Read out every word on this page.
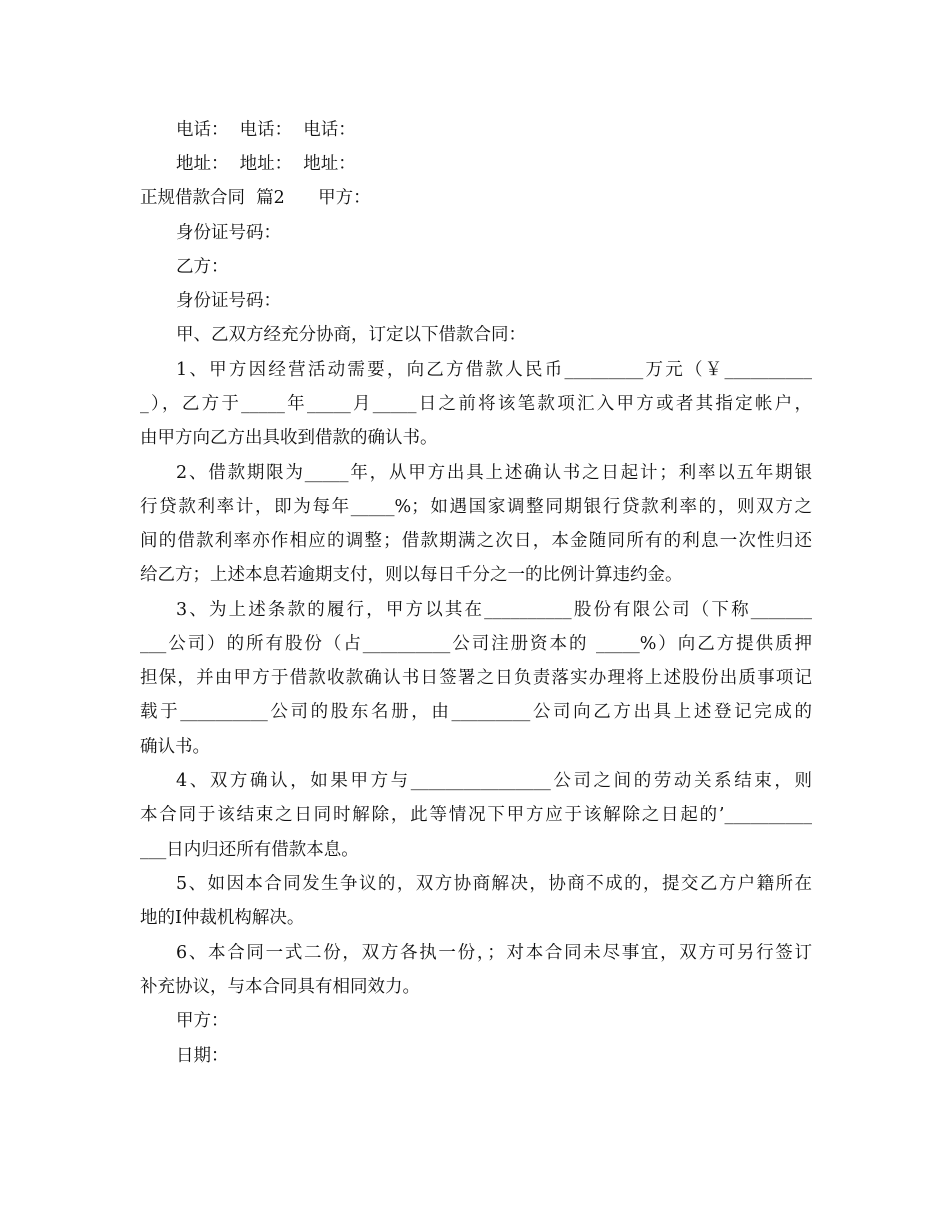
电话：  电话：  电话：

地址：  地址：  地址：

正规借款合同  篇2      甲方：

身份证号码：

乙方：

身份证号码：

甲、乙双方经充分协商，订定以下借款合同：

1、甲方因经营活动需要，向乙方借款人民币_________万元（￥__________

_），乙方于_____年_____月_____日之前将该笔款项汇入甲方或者其指定帐户，

由甲方向乙方出具收到借款的确认书。

2、借款期限为_____年，从甲方出具上述确认书之日起计；利率以五年期银

行贷款利率计，即为每年_____%；如遇国家调整同期银行贷款利率的，则双方之

间的借款利率亦作相应的调整；借款期满之次日，本金随同所有的利息一次性归还

给乙方；上述本息若逾期支付，则以每日千分之一的比例计算违约金。

3、为上述条款的履行，甲方以其在__________股份有限公司（下称_______

___公司）的所有股份（占__________公司注册资本的 _____%）向乙方提供质押

担保，并由甲方于借款收款确认书日签署之日负责落实办理将上述股份出质事项记

载于__________公司的股东名册，由_________公司向乙方出具上述登记完成的

确认书。

4、双方确认，如果甲方与________________公司之间的劳动关系结束，则

本合同于该结束之日同时解除，此等情况下甲方应于该解除之日起的’__________

___日内归还所有借款本息。

5、如因本合同发生争议的，双方协商解决，协商不成的，提交乙方户籍所在

地的I仲裁机构解决。

6、本合同一式二份，双方各执一份，；对本合同未尽事宜，双方可另行签订

补充协议，与本合同具有相同效力。

甲方：

日期：
